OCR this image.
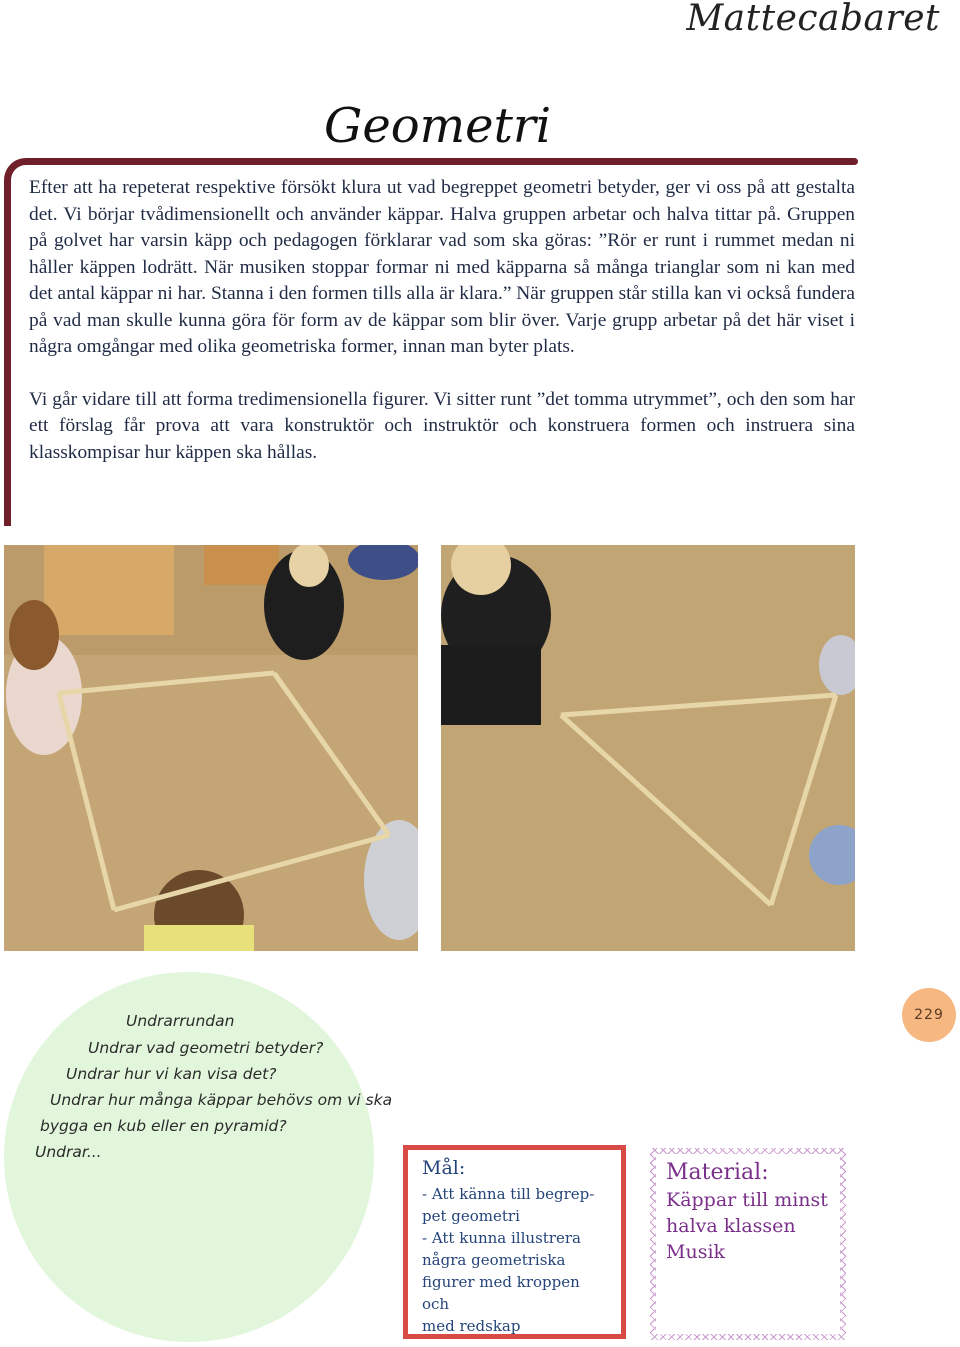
Mattecabaret
Geometri

Efter att ha repeterat respektive försökt klura ut vad begreppet geometri betyder, ger vi oss på att gestalta det. Vi börjar tvådimensionellt och använder käppar. Halva gruppen arbetar och halva tittar på. Gruppen på golvet har varsin käpp och pedagogen förklarar vad som ska göras: ”Rör er runt i rummet medan ni håller käppen lodrätt. När musiken stoppar formar ni med käpparna så många trianglar som ni kan med det antal käppar ni har. Stanna i den formen tills alla är klara.” När gruppen står stilla kan vi också fundera på vad man skulle kunna göra för form av de käppar som blir över. Varje grupp arbetar på det här viset i några omgångar med olika geometriska former, innan man byter plats.

Vi går vidare till att forma tredimensionella figurer. Vi sitter runt ”det tomma utrymmet”, och den som har ett förslag får prova att vara konstruktör och instruktör och konstruera formen och instruera sina klasskompisar hur käppen ska hållas.

Undrarrundan
Undrar vad geometri betyder?
Undrar hur vi kan visa det?
Undrar hur många käppar behövs om vi ska
bygga en kub eller en pyramid?
Undrar...
229
Mål:
- Att känna till begrep-
pet geometri
- Att kunna illustrera
några geometriska
figurer med kroppen och
med redskap
Material:
Käppar till minst
halva klassen
Musik
